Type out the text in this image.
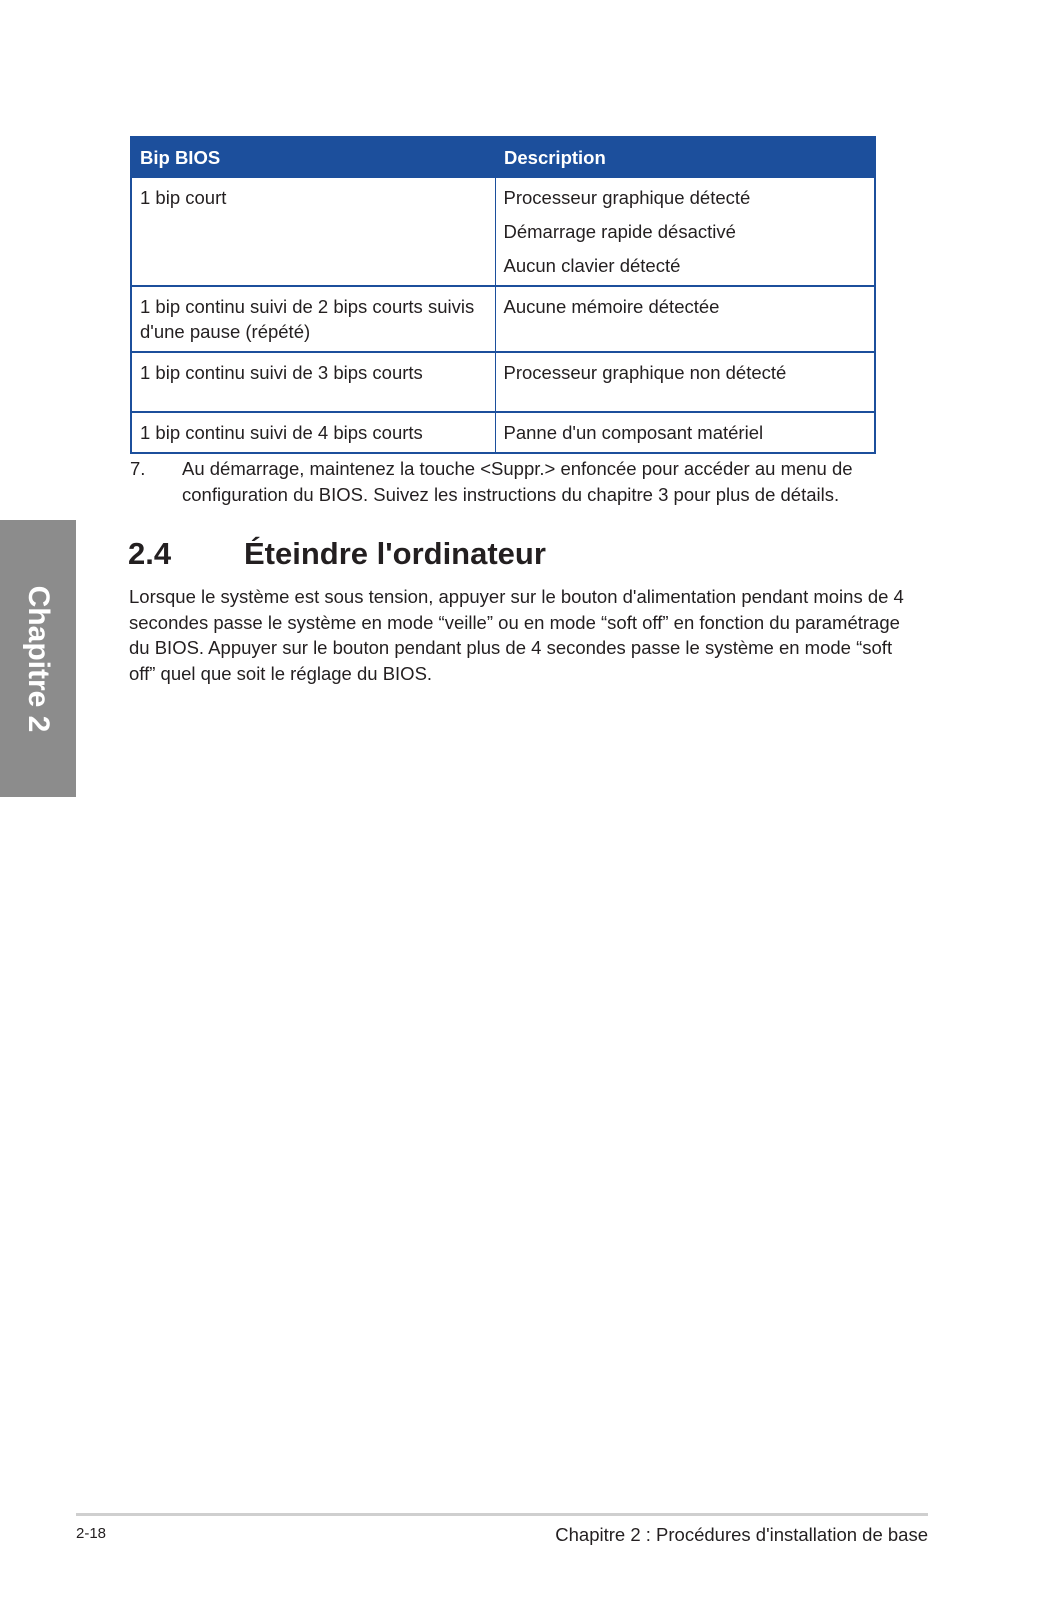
Chapitre 2
Bip BIOS	Description
1 bip court	Processeur graphique détecté
Démarrage rapide désactivé
Aucun clavier détecté

1 bip continu suivi de 2 bips courts suivis d'une pause (répété)	Aucune mémoire détectée

1 bip continu suivi de 3 bips courts	Processeur graphique non détecté

1 bip continu suivi de 4 bips courts	Panne d'un composant matériel
7. Au démarrage, maintenez la touche <Suppr.> enfoncée pour accéder au menu de configuration du BIOS. Suivez les instructions du chapitre 3 pour plus de détails.
2.4 Éteindre l'ordinateur
Lorsque le système est sous tension, appuyer sur le bouton d'alimentation pendant moins de 4 secondes passe le système en mode “veille” ou en mode “soft off” en fonction du paramétrage du BIOS. Appuyer sur le bouton pendant plus de 4 secondes passe le système en mode “soft off” quel que soit le réglage du BIOS.
2-18	Chapitre 2 : Procédures d'installation de base
